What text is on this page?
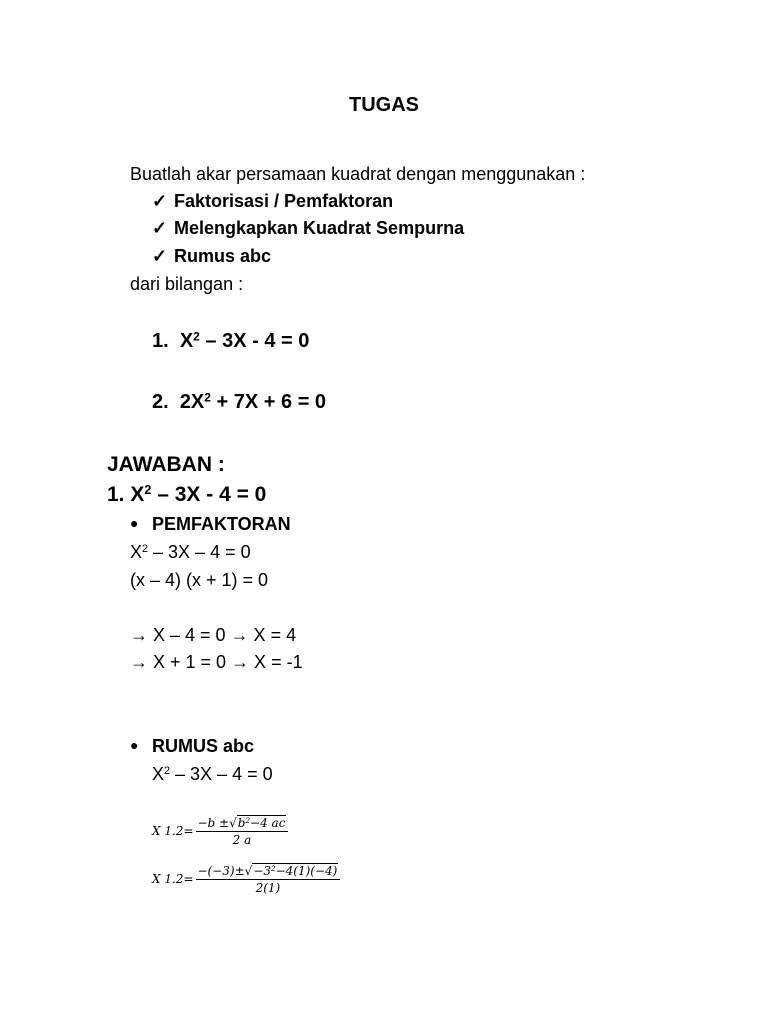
TUGAS
Buatlah akar persamaan kuadrat dengan menggunakan :
✓ Faktorisasi / Pemfaktoran
✓ Melengkapkan Kuadrat Sempurna
✓ Rumus abc
dari bilangan :
1. $X^2 - 3X - 4 = 0$
2. $2X^2 + 7X + 6 = 0$
JAWABAN :
1. $X^2 - 3X - 4 = 0$
● PEMFAKTORAN
$X^2 - 3X - 4 = 0$
(x – 4) (x + 1) = 0
→ X – 4 = 0 → X = 4
→ X + 1 = 0 → X = -1
● RUMUS abc
$X^2 - 3X - 4 = 0$
X $1.2= \frac{-b \pm√b^2-4 ac}{2 a}$
X $1.2= \frac{-(-3)\pm√-3^2-4(1)(-4)}{2(1)}$
